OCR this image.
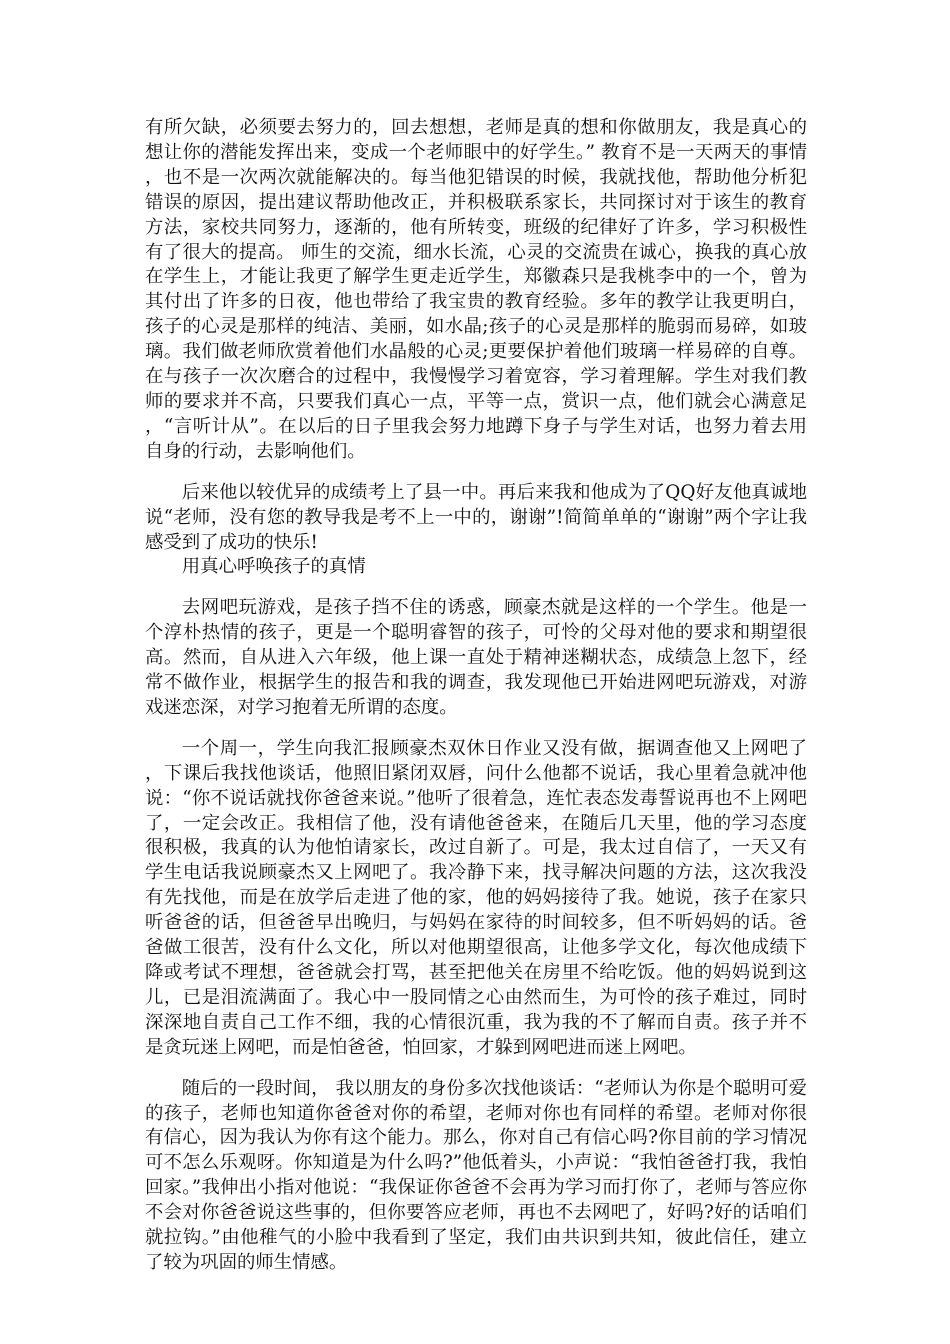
有所欠缺，必须要去努力的，回去想想，老师是真的想和你做朋友，我是真心的想让你的潜能发挥出来，变成一个老师眼中的好学生。” 教育不是一天两天的事情，也不是一次两次就能解决的。每当他犯错误的时候，我就找他，帮助他分析犯错误的原因，提出建议帮助他改正，并积极联系家长，共同探讨对于该生的教育方法，家校共同努力，逐渐的，他有所转变，班级的纪律好了许多，学习积极性有了很大的提高。 师生的交流，细水长流，心灵的交流贵在诚心，换我的真心放在学生上，才能让我更了解学生更走近学生，郑徽森只是我桃李中的一个，曾为其付出了许多的日夜，他也带给了我宝贵的教育经验。多年的教学让我更明白，孩子的心灵是那样的纯洁、美丽，如水晶;孩子的心灵是那样的脆弱而易碎，如玻璃。我们做老师欣赏着他们水晶般的心灵;更要保护着他们玻璃一样易碎的自尊。在与孩子一次次磨合的过程中，我慢慢学习着宽容，学习着理解。学生对我们教师的要求并不高，只要我们真心一点，平等一点，赏识一点，他们就会心满意足，“言听计从”。在以后的日子里我会努力地蹲下身子与学生对话，也努力着去用自身的行动，去影响他们。

后来他以较优异的成绩考上了县一中。再后来我和他成为了QQ好友他真诚地说“老师，没有您的教导我是考不上一中的，谢谢”!简简单单的“谢谢”两个字让我感受到了成功的快乐!

用真心呼唤孩子的真情

去网吧玩游戏，是孩子挡不住的诱惑，顾豪杰就是这样的一个学生。他是一个淳朴热情的孩子，更是一个聪明睿智的孩子，可怜的父母对他的要求和期望很高。然而，自从进入六年级，他上课一直处于精神迷糊状态，成绩急上忽下，经常不做作业，根据学生的报告和我的调查，我发现他已开始进网吧玩游戏，对游戏迷恋深，对学习抱着无所谓的态度。

一个周一，学生向我汇报顾豪杰双休日作业又没有做，据调查他又上网吧了，下课后我找他谈话，他照旧紧闭双唇，问什么他都不说话，我心里着急就冲他说：“你不说话就找你爸爸来说。”他听了很着急，连忙表态发毒誓说再也不上网吧了，一定会改正。我相信了他，没有请他爸爸来，在随后几天里，他的学习态度很积极，我真的认为他怕请家长，改过自新了。可是，我太过自信了，一天又有学生电话我说顾豪杰又上网吧了。我冷静下来，找寻解决问题的方法，这次我没有先找他，而是在放学后走进了他的家，他的妈妈接待了我。她说，孩子在家只听爸爸的话，但爸爸早出晚归，与妈妈在家待的时间较多，但不听妈妈的话。爸爸做工很苦，没有什么文化，所以对他期望很高，让他多学文化，每次他成绩下降或考试不理想，爸爸就会打骂，甚至把他关在房里不给吃饭。他的妈妈说到这儿，已是泪流满面了。我心中一股同情之心由然而生，为可怜的孩子难过，同时深深地自责自己工作不细，我的心情很沉重，我为我的不了解而自责。孩子并不是贪玩迷上网吧，而是怕爸爸，怕回家，才躲到网吧进而迷上网吧。

随后的一段时间， 我以朋友的身份多次找他谈话：“老师认为你是个聪明可爱的孩子，老师也知道你爸爸对你的希望，老师对你也有同样的希望。老师对你很有信心，因为我认为你有这个能力。那么，你对自己有信心吗?你目前的学习情况可不怎么乐观呀。你知道是为什么吗?”他低着头，小声说：“我怕爸爸打我，我怕回家。”我伸出小指对他说：“我保证你爸爸不会再为学习而打你了，老师与答应你不会对你爸爸说这些事的，但你要答应老师，再也不去网吧了，好吗?好的话咱们就拉钩。”由他稚气的小脸中我看到了坚定，我们由共识到共知，彼此信任，建立了较为巩固的师生情感。
